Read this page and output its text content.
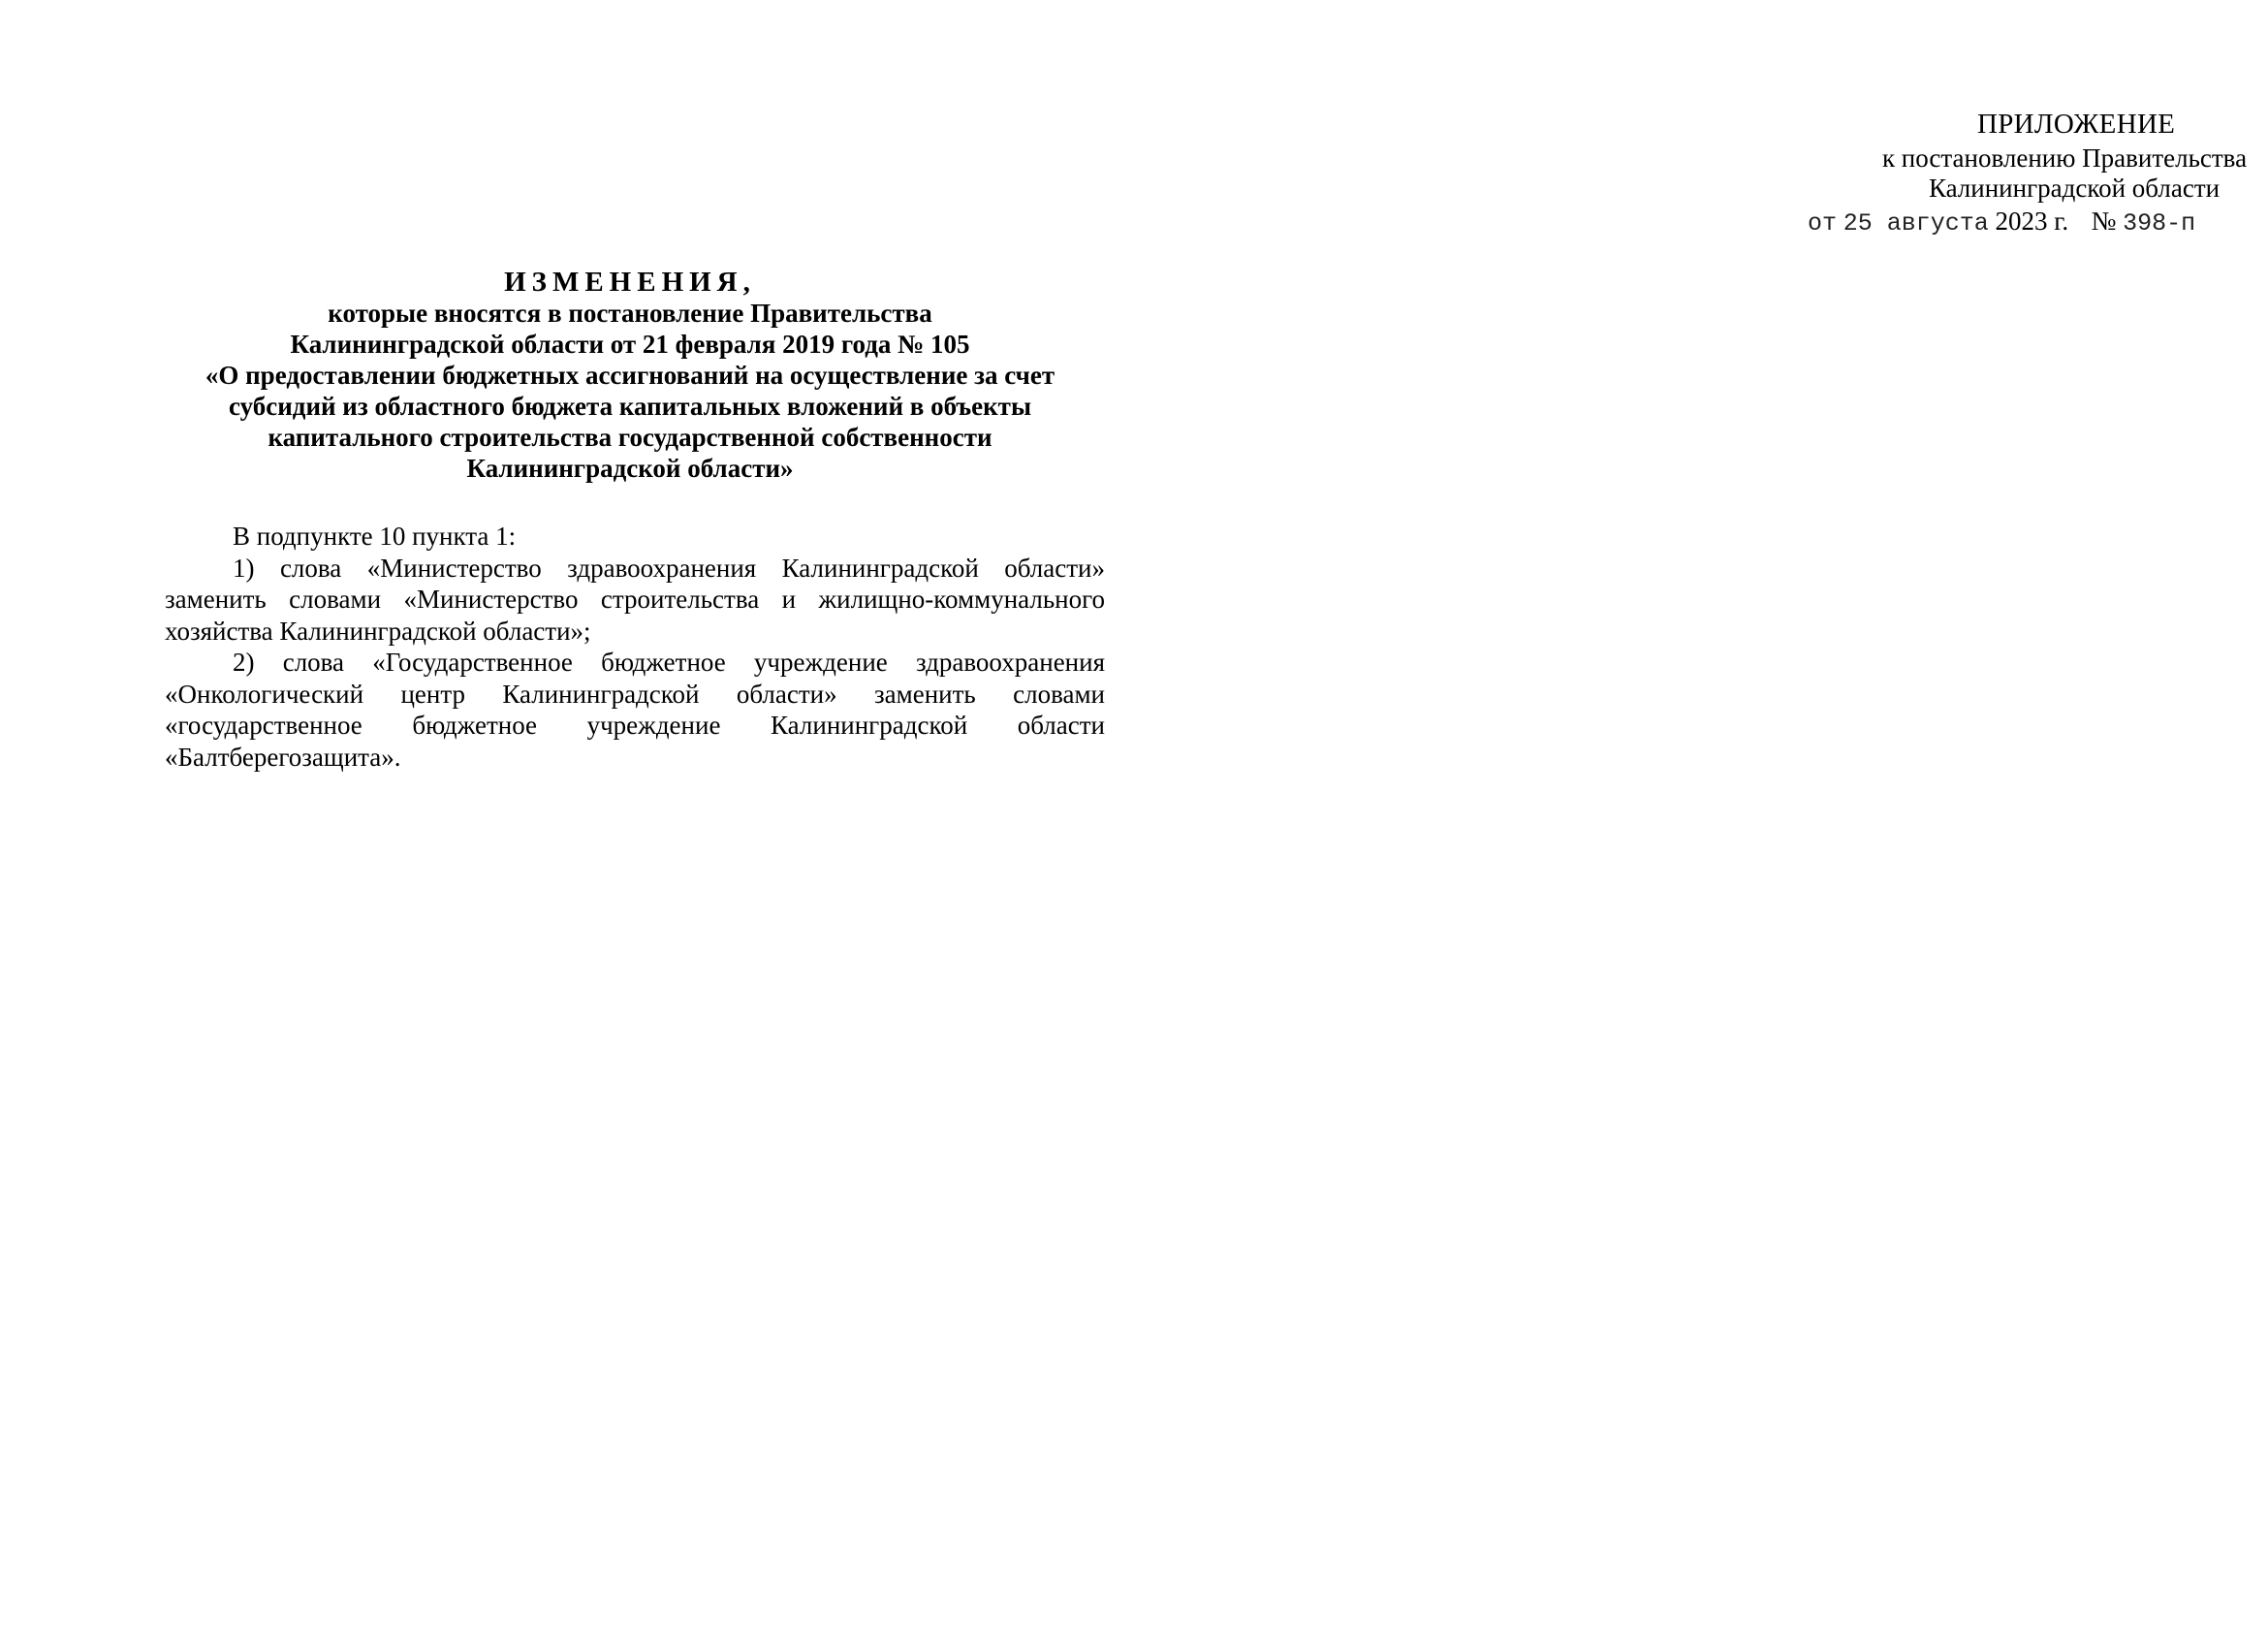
ПРИЛОЖЕНИЕ
к постановлению Правительства
Калининградской области
от 25 августа 2023 г. № 398-п
ИЗМЕНЕНИЯ,
которые вносятся в постановление Правительства
Калининградской области от 21 февраля 2019 года № 105
«О предоставлении бюджетных ассигнований на осуществление за счет
субсидий из областного бюджета капитальных вложений в объекты
капитального строительства государственной собственности
Калининградской области»

В подпункте 10 пункта 1:

1) слова «Министерство здравоохранения Калининградской области» заменить словами «Министерство строительства и жилищно-коммунального хозяйства Калининградской области»;

2) слова «Государственное бюджетное учреждение здравоохранения «Онкологический центр Калининградской области» заменить словами «государственное бюджетное учреждение Калининградской области «Балтберегозащита».
